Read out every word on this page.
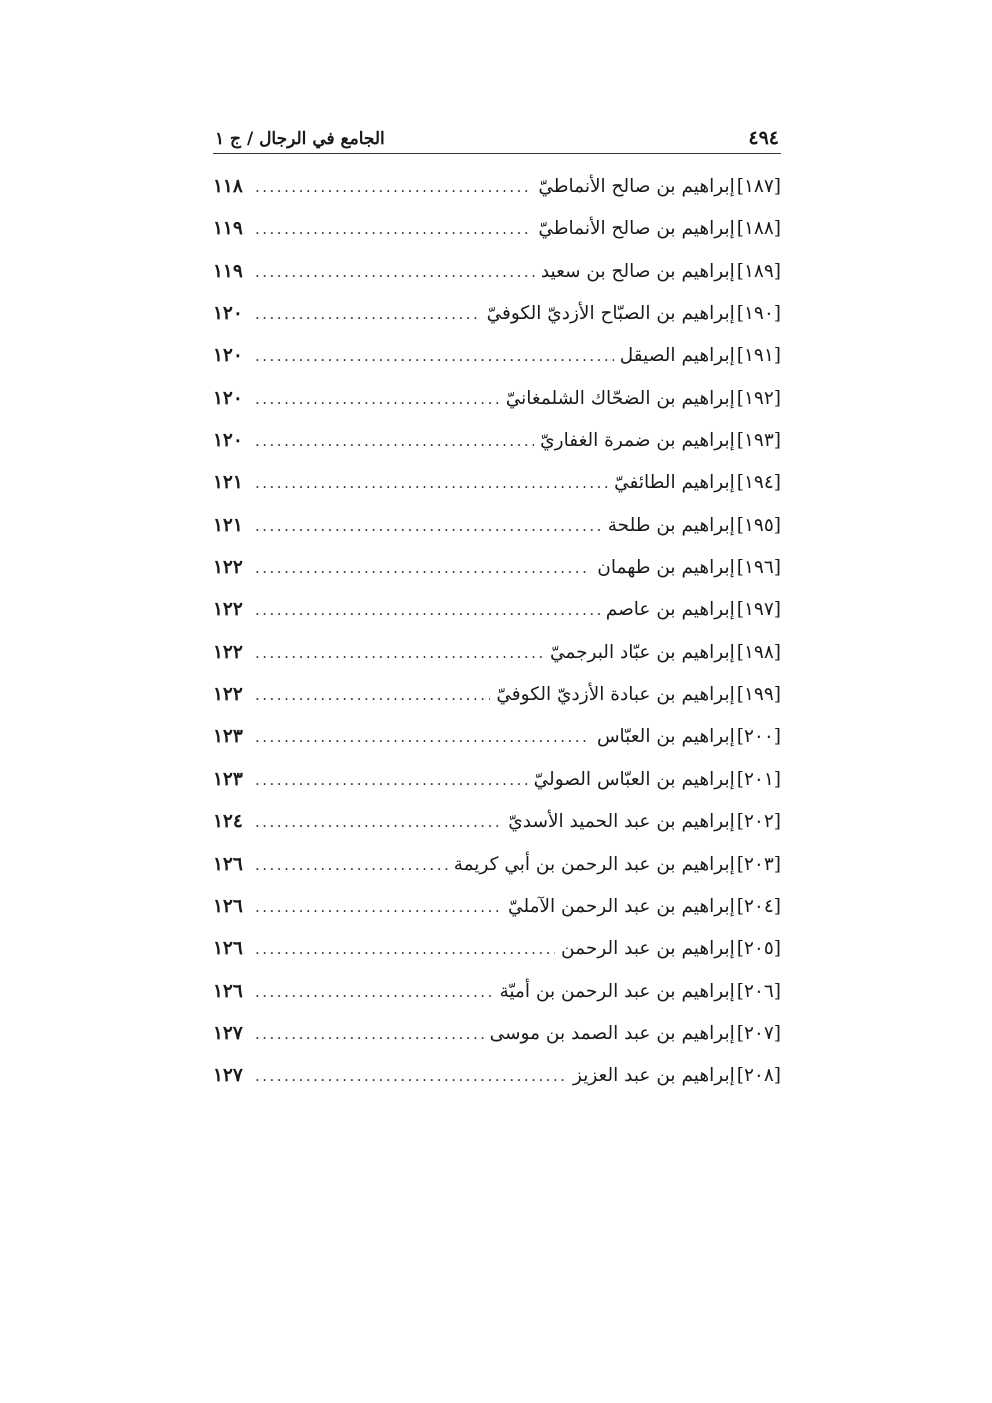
٤٩٤
الجامع في الرجال / ج ١
[١٨٧]
إبراهيم بن صالح الأنماطيّ
.....
١١٨
[١٨٨]
إبراهيم بن صالح الأنماطيّ
.....
١١٩
[١٨٩]
إبراهيم بن صالح بن سعيد
.....
١١٩
[١٩٠]
إبراهيم بن الصبّاح الأزديّ الكوفيّ
.....
١٢٠
[١٩١]
إبراهيم الصيقل
.....
١٢٠
[١٩٢]
إبراهيم بن الضحّاك الشلمغانيّ
.....
١٢٠
[١٩٣]
إبراهيم بن ضمرة الغفاريّ
.....
١٢٠
[١٩٤]
إبراهيم الطائفيّ
.....
١٢١
[١٩٥]
إبراهيم بن طلحة
.....
١٢١
[١٩٦]
إبراهيم بن طهمان
.....
١٢٢
[١٩٧]
إبراهيم بن عاصم
.....
١٢٢
[١٩٨]
إبراهيم بن عبّاد البرجميّ
.....
١٢٢
[١٩٩]
إبراهيم بن عبادة الأزديّ الكوفيّ
.....
١٢٢
[٢٠٠]
إبراهيم بن العبّاس
.....
١٢٣
[٢٠١]
إبراهيم بن العبّاس الصوليّ
.....
١٢٣
[٢٠٢]
إبراهيم بن عبد الحميد الأسديّ
.....
١٢٤
[٢٠٣]
إبراهيم بن عبد الرحمن بن أبي كريمة
.....
١٢٦
[٢٠٤]
إبراهيم بن عبد الرحمن الآمليّ
.....
١٢٦
[٢٠٥]
إبراهيم بن عبد الرحمن
.....
١٢٦
[٢٠٦]
إبراهيم بن عبد الرحمن بن أميّة
.....
١٢٦
[٢٠٧]
إبراهيم بن عبد الصمد بن موسى
.....
١٢٧
[٢٠٨]
إبراهيم بن عبد العزيز
.....
١٢٧
